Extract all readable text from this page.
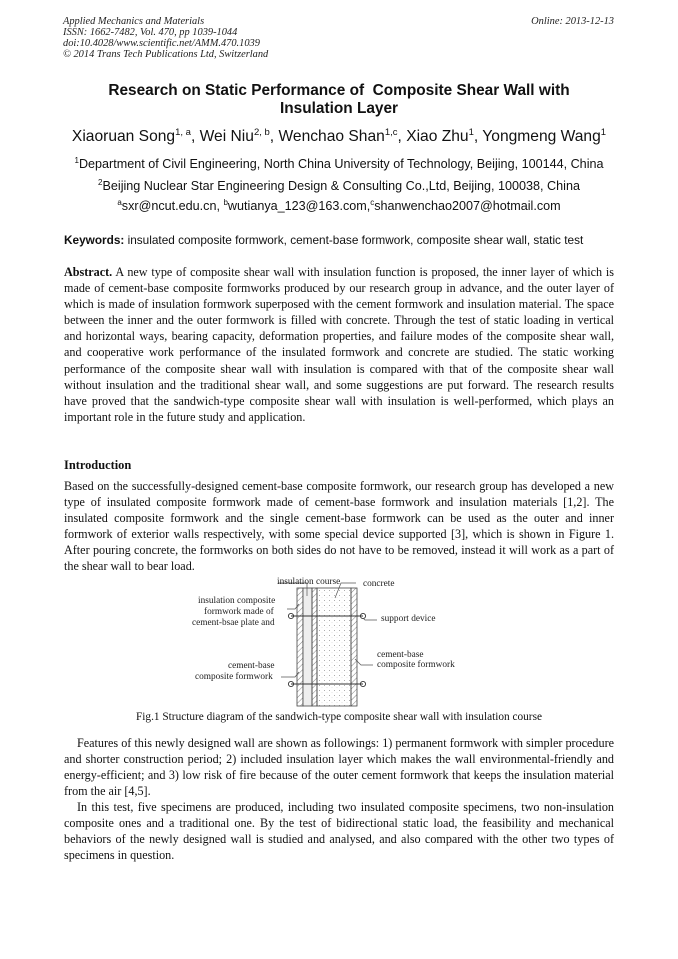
Applied Mechanics and Materials
ISSN: 1662-7482, Vol. 470, pp 1039-1044
doi:10.4028/www.scientific.net/AMM.470.1039
© 2014 Trans Tech Publications Ltd, Switzerland
Online: 2013-12-13
Research on Static Performance of  Composite Shear Wall with
Insulation Layer
Xiaoruan Song$^{1, a}$, Wei Niu$^{2, b}$, Wenchao Shan$^{1,c}$, Xiao Zhu$^1$, Yongmeng Wang$^1$
$^1$Department of Civil Engineering, North China University of Technology, Beijing, 100144, China
$^2$Beijing Nuclear Star Engineering Design & Consulting Co.,Ltd, Beijing, 100038, China
$^a$sxr@ncut.edu.cn, $^b$wutianya_123@163.com,$^c$shanwenchao2007@hotmail.com
Keywords: insulated composite formwork, cement-base formwork, composite shear wall, static test
Abstract. A new type of composite shear wall with insulation function is proposed, the inner layer of which is made of cement-base composite formworks produced by our research group in advance, and the outer layer of which is made of insulation formwork superposed with the cement formwork and insulation material. The space between the inner and the outer formwork is filled with concrete. Through the test of static loading in vertical and horizontal ways, bearing capacity, deformation properties, and failure modes of the composite shear wall, and cooperative work performance of the insulated formwork and concrete are studied. The static working performance of the composite shear wall with insulation is compared with that of the composite shear wall without insulation and the traditional shear wall, and some suggestions are put forward. The research results have proved that the sandwich-type composite shear wall with insulation is well-performed, which plays an important role in the future study and application.
Introduction
Based on the successfully-designed cement-base composite formwork, our research group has developed a new type of insulated composite formwork made of cement-base formwork and insulation materials [1,2]. The insulated composite formwork and the single cement-base formwork can be used as the outer and inner formwork of exterior walls respectively, with some special device supported [3], which is shown in Figure 1. After pouring concrete, the formworks on both sides do not have to be removed, instead it will work as a part of the shear wall to bear load.
insulation course concrete
insulation composite
formwork made of
cement-bsae plate and	support device
cement-base
composite formwork
cement-base
composite formwork
Fig.1 Structure diagram of the sandwich-type composite shear wall with insulation course
Features of this newly designed wall are shown as followings: 1) permanent formwork with simpler procedure and shorter construction period; 2) included insulation layer which makes the wall environmental-friendly and energy-efficient; and 3) low risk of fire because of the outer cement formwork that keeps the insulation material from the air [4,5].
In this test, five specimens are produced, including two insulated composite specimens, two non-insulation composite ones and a traditional one. By the test of bidirectional static load, the feasibility and mechanical behaviors of the newly designed wall is studied and analysed, and also compared with the other two types of specimens in question.
